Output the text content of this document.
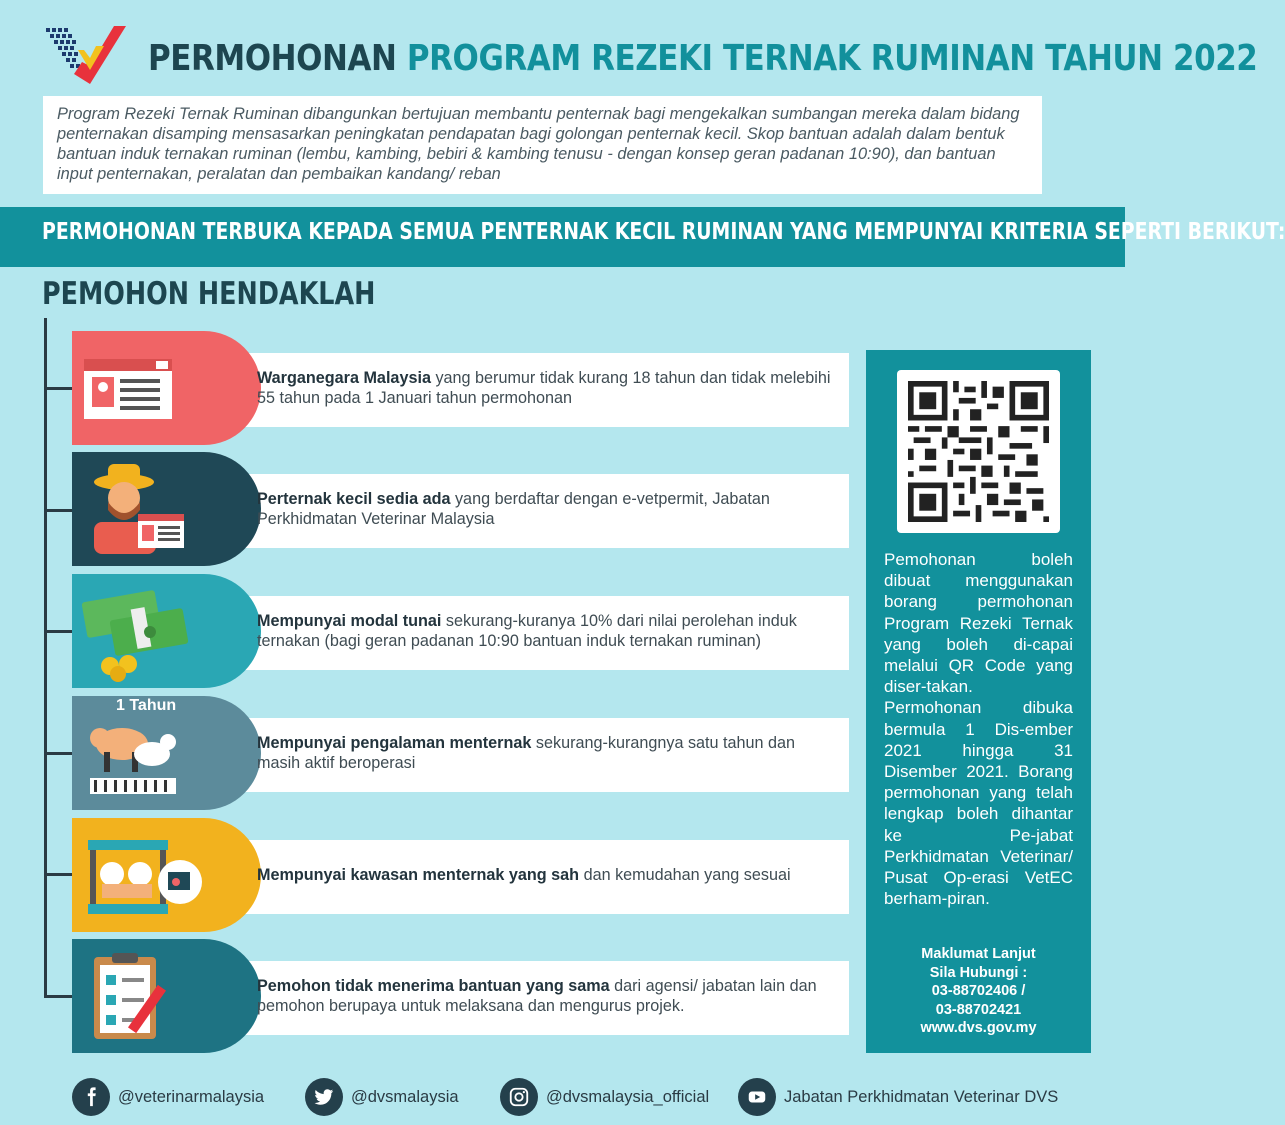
PERMOHONAN PROGRAM REZEKI TERNAK RUMINAN TAHUN 2022
Program Rezeki Ternak Ruminan dibangunkan bertujuan membantu penternak bagi mengekalkan sumbangan mereka dalam bidang penternakan disamping mensasarkan peningkatan pendapatan bagi golongan penternak kecil. Skop bantuan adalah dalam bentuk bantuan induk ternakan ruminan (lembu, kambing, bebiri & kambing tenusu - dengan konsep geran padanan 10:90), dan bantuan input penternakan, peralatan dan pembaikan kandang/ reban
PERMOHONAN TERBUKA KEPADA SEMUA PENTERNAK KECIL RUMINAN YANG MEMPUNYAI KRITERIA SEPERTI BERIKUT:
PEMOHON HENDAKLAH
Warganegara Malaysia yang berumur tidak kurang 18 tahun dan tidak melebihi 55 tahun pada 1 Januari tahun permohonan
Perternak kecil sedia ada yang berdaftar dengan e-vetpermit, Jabatan Perkhidmatan Veterinar Malaysia
Mempunyai modal tunai sekurang-kuranya 10% dari nilai perolehan induk ternakan (bagi geran padanan 10:90 bantuan induk ternakan ruminan)
1 Tahun
Mempunyai pengalaman menternak sekurang-kurangnya satu tahun dan masih aktif beroperasi
Mempunyai kawasan menternak yang sah dan kemudahan yang sesuai
Pemohon tidak menerima bantuan yang sama dari agensi/ jabatan lain dan pemohon berupaya untuk melaksana dan mengurus projek.
Pemohonan boleh dibuat menggunakan borang permohonan Program Rezeki Ternak yang boleh di-capai melalui QR Code yang diser-takan. Permohonan dibuka bermula 1 Dis-ember 2021 hingga 31 Disember 2021. Borang permohonan yang telah lengkap boleh dihantar ke Pe-jabat Perkhidmatan Veterinar/ Pusat Op-erasi VetEC berham-piran.
Maklumat Lanjut
Sila Hubungi :
03-88702406 /
03-88702421
www.dvs.gov.my
@veterinarmalaysia	@dvsmalaysia	@dvsmalaysia_official	Jabatan Perkhidmatan Veterinar DVS
